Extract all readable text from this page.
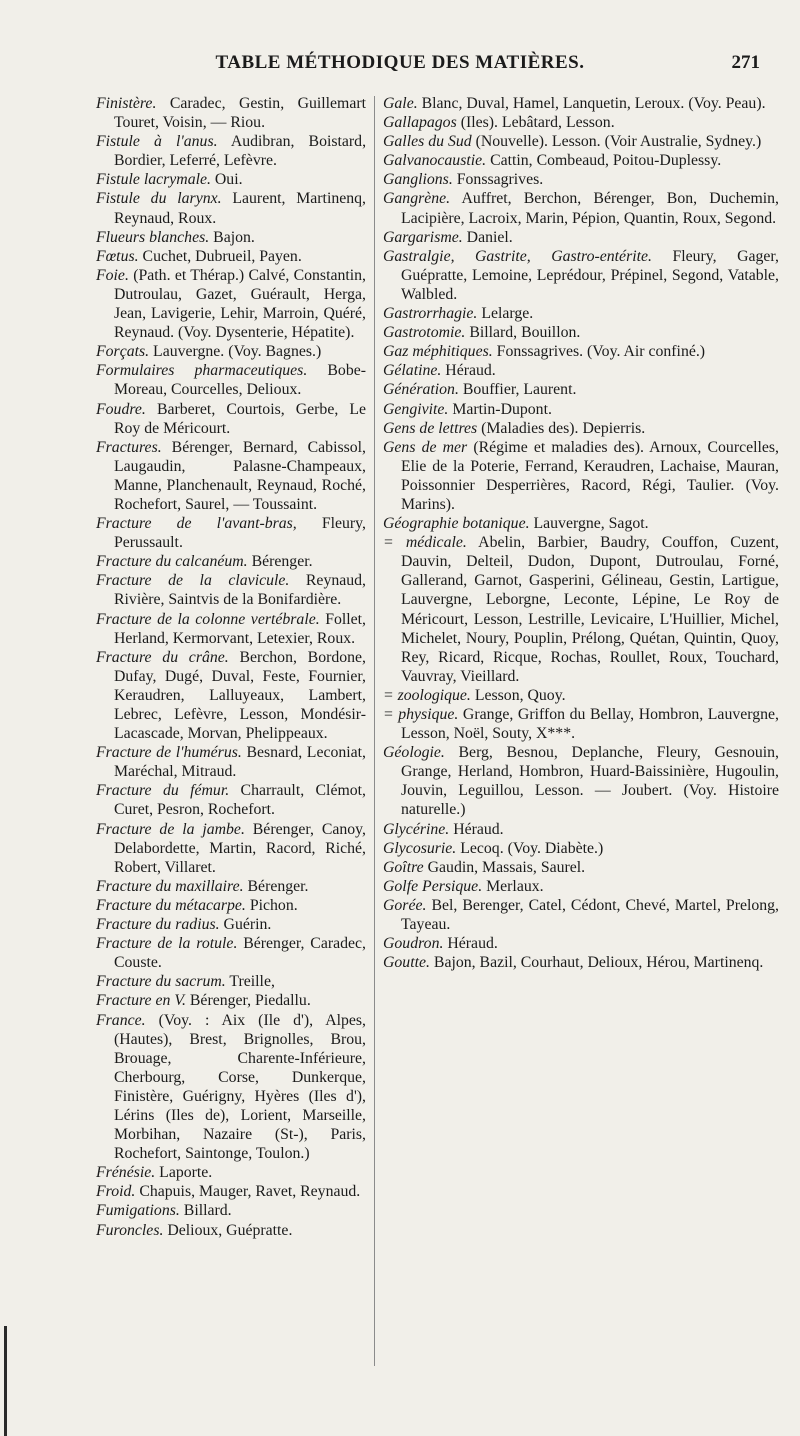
TABLE MÉTHODIQUE DES MATIÈRES.	271

Finistère. Caradec, Gestin, Guillemart Touret, Voisin, — Riou.

Fistule à l'anus. Audibran, Boistard, Bordier, Leferré, Lefèvre.

Fistule lacrymale. Oui.

Fistule du larynx. Laurent, Martinenq, Reynaud, Roux.

Flueurs blanches. Bajon.

Fœtus. Cuchet, Dubrueil, Payen.

Foie. (Path. et Thérap.) Calvé, Constantin, Dutroulau, Gazet, Guérault, Herga, Jean, Lavigerie, Lehir, Marroin, Quéré, Reynaud. (Voy. Dysenterie, Hépatite).

Forçats. Lauvergne. (Voy. Bagnes.)

Formulaires pharmaceutiques. Bobe-Moreau, Courcelles, Delioux.

Foudre. Barberet, Courtois, Gerbe, Le Roy de Méricourt.

Fractures. Bérenger, Bernard, Cabissol, Laugaudin, Palasne-Champeaux, Manne, Planchenault, Reynaud, Roché, Rochefort, Saurel, — Toussaint.

Fracture de l'avant-bras, Fleury, Perussault.

Fracture du calcanéum. Bérenger.

Fracture de la clavicule. Reynaud, Rivière, Saintvis de la Bonifardière.

Fracture de la colonne vertébrale. Follet, Herland, Kermorvant, Letexier, Roux.

Fracture du crâne. Berchon, Bordone, Dufay, Dugé, Duval, Feste, Fournier, Keraudren, Lalluyeaux, Lambert, Lebrec, Lefèvre, Lesson, Mondésir-Lacascade, Morvan, Phelippeaux.

Fracture de l'humérus. Besnard, Leconiat, Maréchal, Mitraud.

Fracture du fémur. Charrault, Clémot, Curet, Pesron, Rochefort.

Fracture de la jambe. Bérenger, Canoy, Delabordette, Martin, Racord, Riché, Robert, Villaret.

Fracture du maxillaire. Bérenger.

Fracture du métacarpe. Pichon.

Fracture du radius. Guérin.

Fracture de la rotule. Bérenger, Caradec, Couste.

Fracture du sacrum. Treille,

Fracture en V. Bérenger, Piedallu.

France. (Voy. : Aix (Ile d'), Alpes, (Hautes), Brest, Brignolles, Brou, Brouage, Charente-Inférieure, Cherbourg, Corse, Dunkerque, Finistère, Guérigny, Hyères (Iles d'), Lérins (Iles de), Lorient, Marseille, Morbihan, Nazaire (St-), Paris, Rochefort, Saintonge, Toulon.)

Frénésie. Laporte.

Froid. Chapuis, Mauger, Ravet, Reynaud.

Fumigations. Billard.

Furoncles. Delioux, Guépratte.

Gale. Blanc, Duval, Hamel, Lanquetin, Leroux. (Voy. Peau).

Gallapagos (Iles). Lebâtard, Lesson.

Galles du Sud (Nouvelle). Lesson. (Voir Australie, Sydney.)

Galvanocaustie. Cattin, Combeaud, Poitou-Duplessy.

Ganglions. Fonssagrives.

Gangrène. Auffret, Berchon, Bérenger, Bon, Duchemin, Lacipière, Lacroix, Marin, Pépion, Quantin, Roux, Segond.

Gargarisme. Daniel.

Gastralgie, Gastrite, Gastro-entérite. Fleury, Gager, Guépratte, Lemoine, Leprédour, Prépinel, Segond, Vatable, Walbled.

Gastrorrhagie. Lelarge.

Gastrotomie. Billard, Bouillon.

Gaz méphitiques. Fonssagrives. (Voy. Air confiné.)

Gélatine. Héraud.

Génération. Bouffier, Laurent.

Gengivite. Martin-Dupont.

Gens de lettres (Maladies des). Depierris.

Gens de mer (Régime et maladies des). Arnoux, Courcelles, Elie de la Poterie, Ferrand, Keraudren, Lachaise, Mauran, Poissonnier Desperrières, Racord, Régi, Taulier. (Voy. Marins).

Géographie botanique. Lauvergne, Sagot.

= médicale. Abelin, Barbier, Baudry, Couffon, Cuzent, Dauvin, Delteil, Dudon, Dupont, Dutroulau, Forné, Gallerand, Garnot, Gasperini, Gélineau, Gestin, Lartigue, Lauvergne, Leborgne, Leconte, Lépine, Le Roy de Méricourt, Lesson, Lestrille, Levicaire, L'Huillier, Michel, Michelet, Noury, Pouplin, Prélong, Quétan, Quintin, Quoy, Rey, Ricard, Ricque, Rochas, Roullet, Roux, Touchard, Vauvray, Vieillard.

= zoologique. Lesson, Quoy.

= physique. Grange, Griffon du Bellay, Hombron, Lauvergne, Lesson, Noël, Souty, X***.

Géologie. Berg, Besnou, Deplanche, Fleury, Gesnouin, Grange, Herland, Hombron, Huard-Baissinière, Hugoulin, Jouvin, Leguillou, Lesson. — Joubert. (Voy. Histoire naturelle.)

Glycérine. Héraud.

Glycosurie. Lecoq. (Voy. Diabète.)

Goître Gaudin, Massais, Saurel.

Golfe Persique. Merlaux.

Gorée. Bel, Berenger, Catel, Cédont, Chevé, Martel, Prelong, Tayeau.

Goudron. Héraud.

Goutte. Bajon, Bazil, Courhaut, Delioux, Hérou, Martinenq.
